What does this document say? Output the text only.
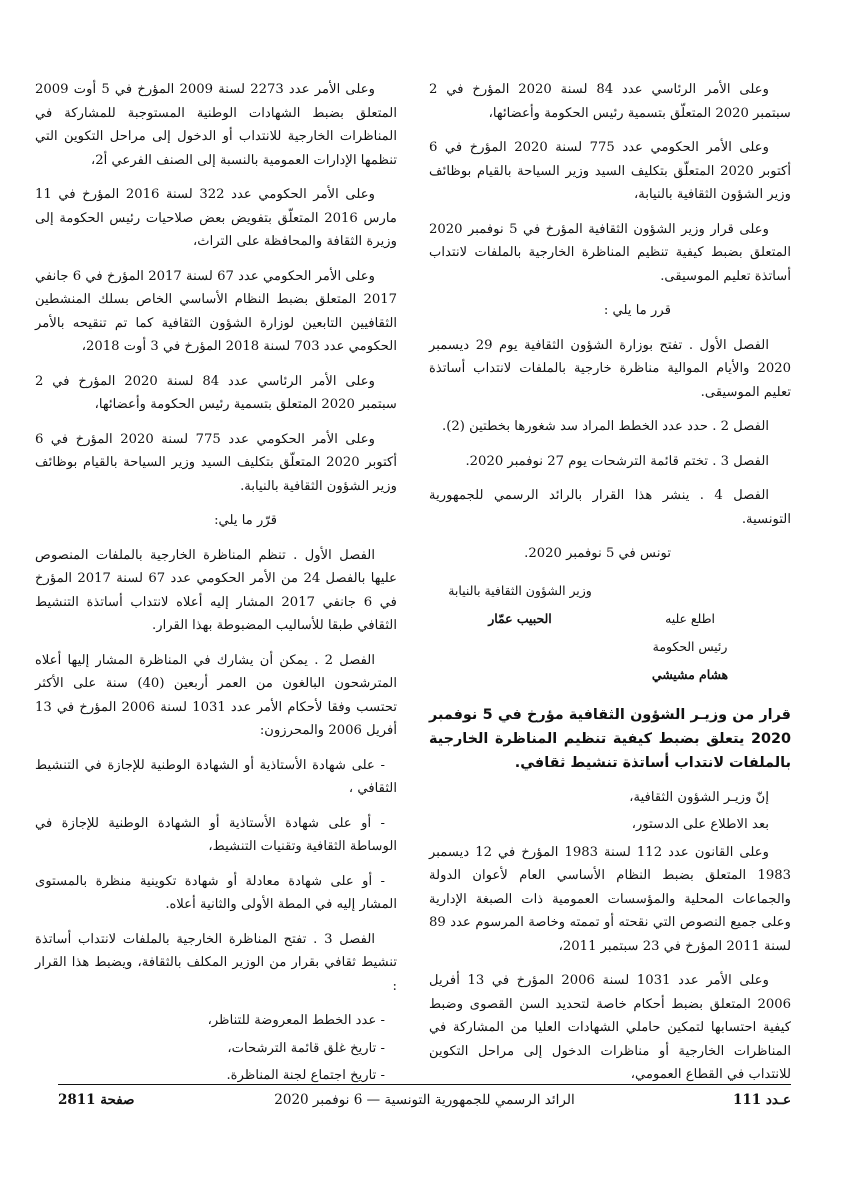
وعلى الأمر الرئاسي عدد 84 لسنة 2020 المؤرخ في 2 سبتمبر 2020 المتعلّق بتسمية رئيس الحكومة وأعضائها،

وعلى الأمر الحكومي عدد 775 لسنة 2020 المؤرخ في 6 أكتوبر 2020 المتعلّق بتكليف السيد وزير السياحة بالقيام بوظائف وزير الشؤون الثقافية بالنيابة،

وعلى قرار وزير الشؤون الثقافية المؤرخ في 5 نوفمبر 2020 المتعلق بضبط كيفية تنظيم المناظرة الخارجية بالملفات لانتداب أساتذة تعليم الموسيقى.

قرر ما يلي :

الفصل الأول . تفتح بوزارة الشؤون الثقافية يوم 29 ديسمبر 2020 والأيام الموالية مناظرة خارجية بالملفات لانتداب أساتذة تعليم الموسيقى.

الفصل 2 . حدد عدد الخطط المراد سد شغورها بخطتين (2).

الفصل 3 . تختم قائمة الترشحات يوم 27 نوفمبر 2020.

الفصل 4 . ينشر هذا القرار بالرائد الرسمي للجمهورية التونسية.

تونس في 5 نوفمبر 2020.

وزير الشؤون الثقافية بالنيابة
اطلع عليه
الحبيب عمّار
رئيس الحكومة
هشام مشيشي

قرار من وزيـر الشؤون الثقافية مؤرخ في 5 نوفمبر 2020 يتعلق بضبط كيفية تنظيم المناظرة الخارجية بالملفات لانتداب أساتذة تنشيط ثقافي.

إنّ وزيـر الشؤون الثقافية،

بعد الاطلاع على الدستور،

وعلى القانون عدد 112 لسنة 1983 المؤرخ في 12 ديسمبر 1983 المتعلق بضبط النظام الأساسي العام لأعوان الدولة والجماعات المحلية والمؤسسات العمومية ذات الصبغة الإدارية وعلى جميع النصوص التي نقحته أو تممته وخاصة المرسوم عدد 89 لسنة 2011 المؤرخ في 23 سبتمبر 2011،

وعلى الأمر عدد 1031 لسنة 2006 المؤرخ في 13 أفريل 2006 المتعلق بضبط أحكام خاصة لتحديد السن القصوى وضبط كيفية احتسابها لتمكين حاملي الشهادات العليا من المشاركة في المناظرات الخارجية أو مناظرات الدخول إلى مراحل التكوين للانتداب في القطاع العمومي،

وعلى الأمر عدد 2273 لسنة 2009 المؤرخ في 5 أوت 2009 المتعلق بضبط الشهادات الوطنية المستوجبة للمشاركة في المناظرات الخارجية للانتداب أو الدخول إلى مراحل التكوين التي تنظمها الإدارات العمومية بالنسبة إلى الصنف الفرعي أ2،

وعلى الأمر الحكومي عدد 322 لسنة 2016 المؤرخ في 11 مارس 2016 المتعلّق بتفويض بعض صلاحيات رئيس الحكومة إلى وزيرة الثقافة والمحافظة على التراث،

وعلى الأمر الحكومي عدد 67 لسنة 2017 المؤرخ في 6 جانفي 2017 المتعلق بضبط النظام الأساسي الخاص بسلك المنشطين الثقافيين التابعين لوزارة الشؤون الثقافية كما تم تنقيحه بالأمر الحكومي عدد 703 لسنة 2018 المؤرخ في 3 أوت 2018،

وعلى الأمر الرئاسي عدد 84 لسنة 2020 المؤرخ في 2 سبتمبر 2020 المتعلق بتسمية رئيس الحكومة وأعضائها،

وعلى الأمر الحكومي عدد 775 لسنة 2020 المؤرخ في 6 أكتوبر 2020 المتعلّق بتكليف السيد وزير السياحة بالقيام بوظائف وزير الشؤون الثقافية بالنيابة.

قرّر ما يلي:

الفصل الأول . تنظم المناظرة الخارجية بالملفات المنصوص عليها بالفصل 24 من الأمر الحكومي عدد 67 لسنة 2017 المؤرخ في 6 جانفي 2017 المشار إليه أعلاه لانتداب أساتذة التنشيط الثقافي طبقا للأساليب المضبوطة بهذا القرار.

الفصل 2 . يمكن أن يشارك في المناظرة المشار إليها أعلاه المترشحون البالغون من العمر أربعين (40) سنة على الأكثر تحتسب وفقا لأحكام الأمر عدد 1031 لسنة 2006 المؤرخ في 13 أفريل 2006 والمحرزون:

- على شهادة الأستاذية أو الشهادة الوطنية للإجازة في التنشيط الثقافي ،

- أو على شهادة الأستاذية أو الشهادة الوطنية للإجازة في الوساطة الثقافية وتقنيات التنشيط،

- أو على شهادة معادلة أو شهادة تكوينية منظرة بالمستوى المشار إليه في المطة الأولى والثانية أعلاه.

الفصل 3 . تفتح المناظرة الخارجية بالملفات لانتداب أساتذة تنشيط ثقافي بقرار من الوزير المكلف بالثقافة، ويضبط هذا القرار :

- عدد الخطط المعروضة للتناظر،

- تاريخ غلق قائمة الترشحات،

- تاريخ اجتماع لجنة المناظرة.

عـدد 111
الرائد الرسمي للجمهورية التونسية — 6 نوفمبر 2020
صفحة 2811
